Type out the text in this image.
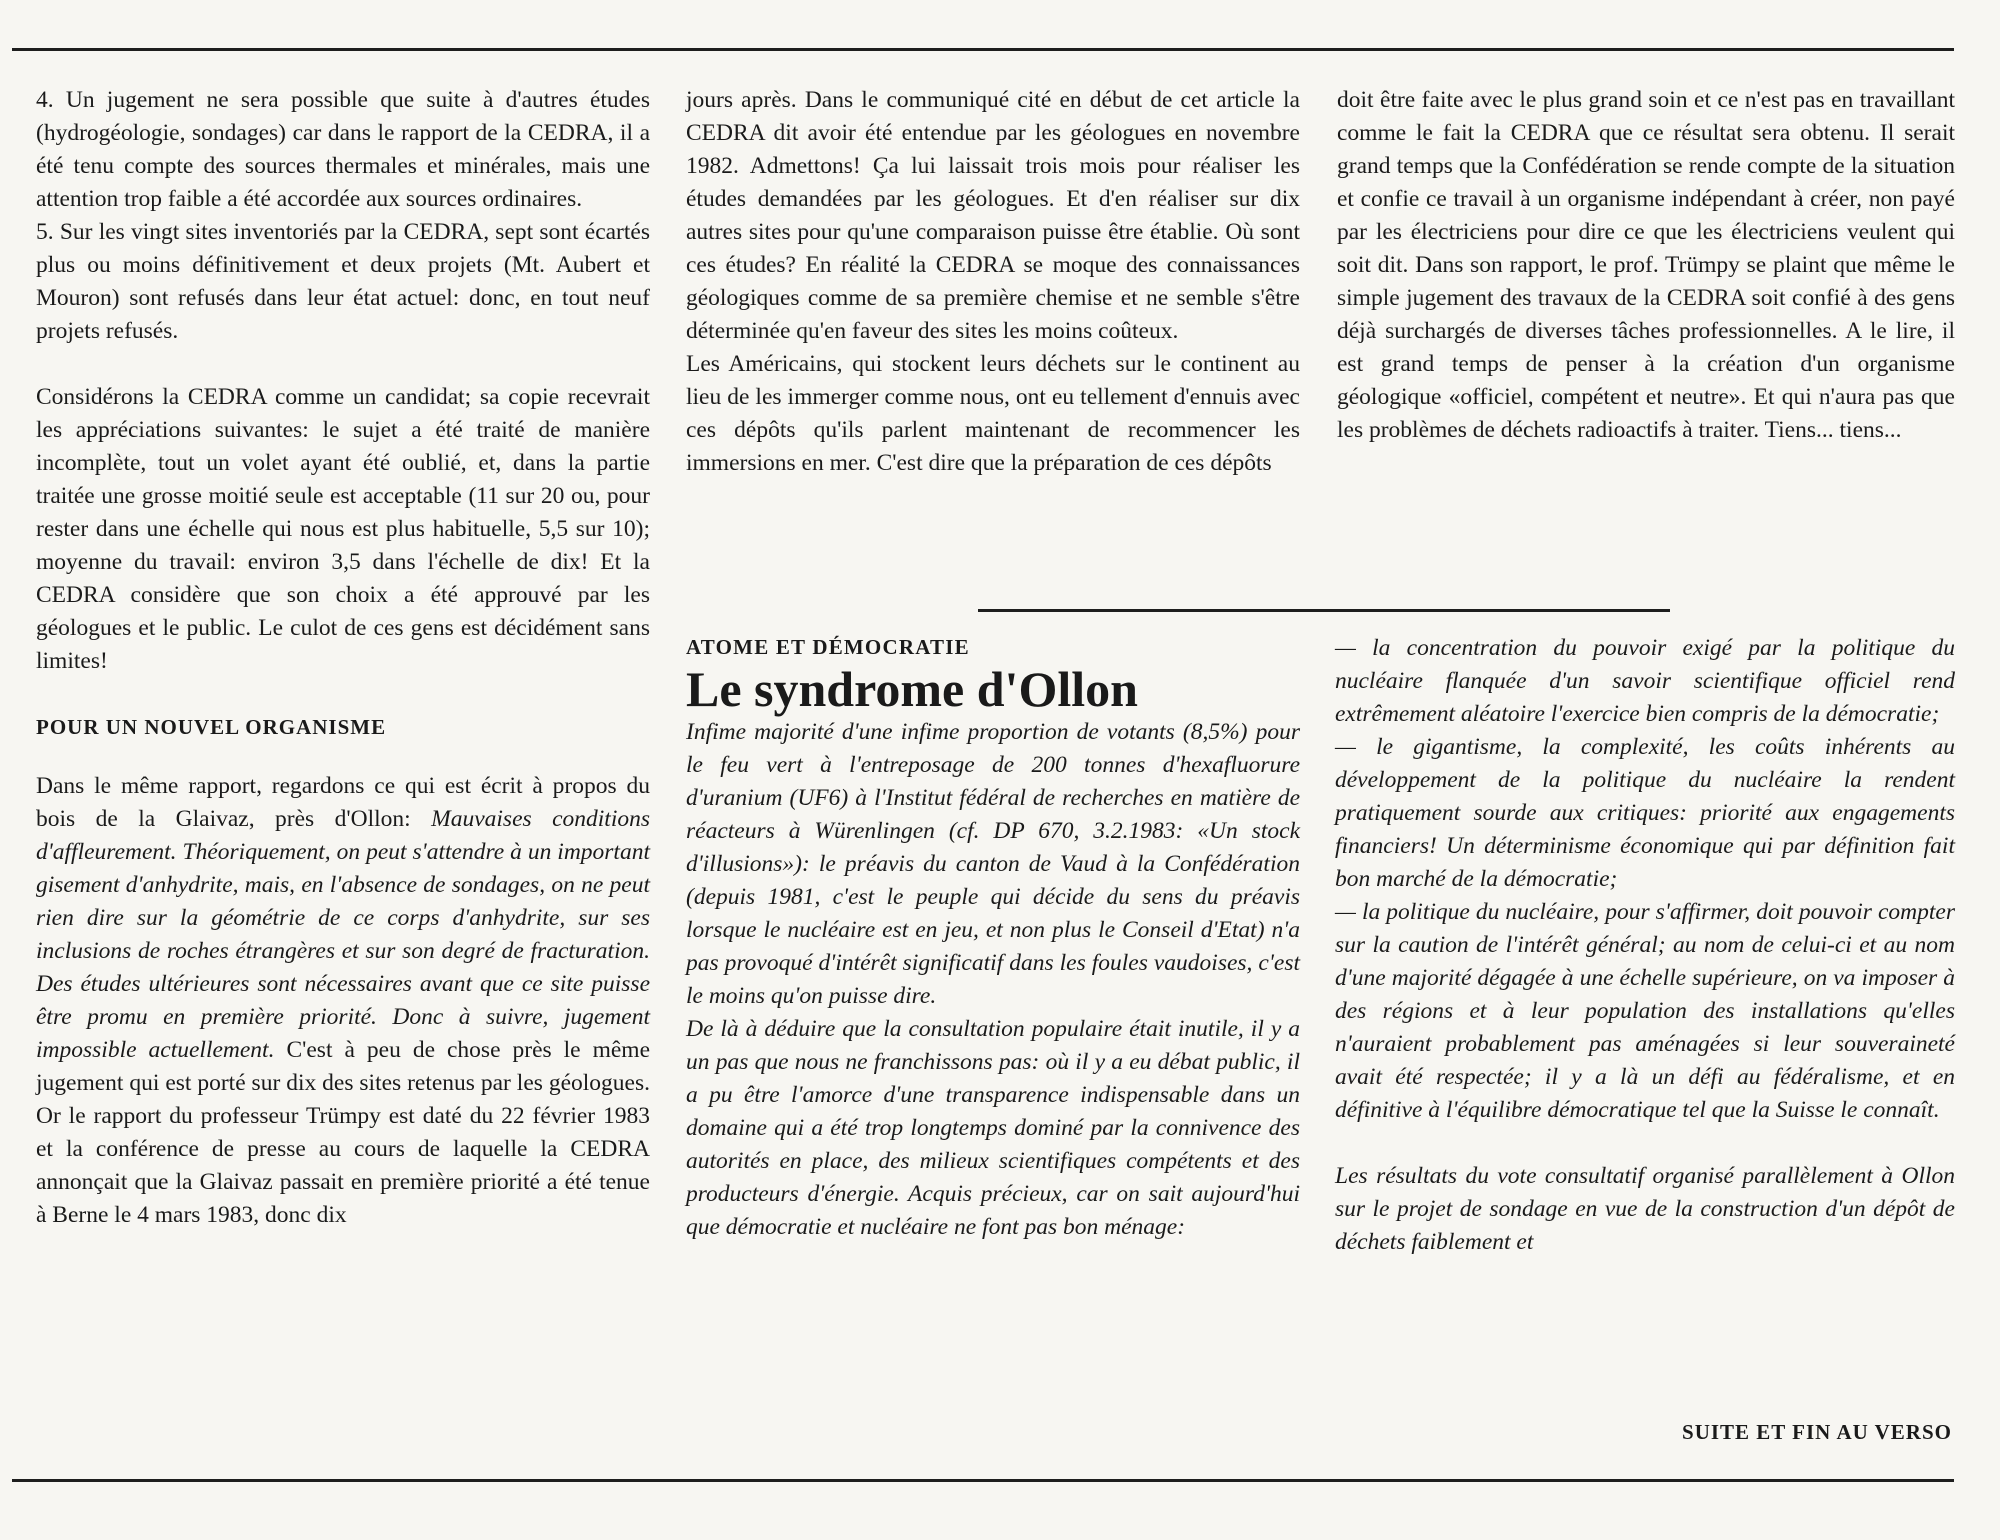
4. Un jugement ne sera possible que suite à d'autres études (hydrogéologie, sondages) car dans le rapport de la CEDRA, il a été tenu compte des sources thermales et minérales, mais une attention trop faible a été accordée aux sources ordinaires.

5. Sur les vingt sites inventoriés par la CEDRA, sept sont écartés plus ou moins définitivement et deux projets (Mt. Aubert et Mouron) sont refusés dans leur état actuel: donc, en tout neuf projets refusés.

Considérons la CEDRA comme un candidat; sa copie recevrait les appréciations suivantes: le sujet a été traité de manière incomplète, tout un volet ayant été oublié, et, dans la partie traitée une grosse moitié seule est acceptable (11 sur 20 ou, pour rester dans une échelle qui nous est plus habituelle, 5,5 sur 10); moyenne du travail: environ 3,5 dans l'échelle de dix! Et la CEDRA considère que son choix a été approuvé par les géologues et le public. Le culot de ces gens est décidément sans limites!

POUR UN NOUVEL ORGANISME

Dans le même rapport, regardons ce qui est écrit à propos du bois de la Glaivaz, près d'Ollon: Mauvaises conditions d'affleurement. Théoriquement, on peut s'attendre à un important gisement d'anhydrite, mais, en l'absence de sondages, on ne peut rien dire sur la géométrie de ce corps d'anhydrite, sur ses inclusions de roches étrangères et sur son degré de fracturation. Des études ultérieures sont nécessaires avant que ce site puisse être promu en première priorité. Donc à suivre, jugement impossible actuellement. C'est à peu de chose près le même jugement qui est porté sur dix des sites retenus par les géologues. Or le rapport du professeur Trümpy est daté du 22 février 1983 et la conférence de presse au cours de laquelle la CEDRA annonçait que la Glaivaz passait en première priorité a été tenue à Berne le 4 mars 1983, donc dix

jours après. Dans le communiqué cité en début de cet article la CEDRA dit avoir été entendue par les géologues en novembre 1982. Admettons! Ça lui laissait trois mois pour réaliser les études demandées par les géologues. Et d'en réaliser sur dix autres sites pour qu'une comparaison puisse être établie. Où sont ces études? En réalité la CEDRA se moque des connaissances géologiques comme de sa première chemise et ne semble s'être déterminée qu'en faveur des sites les moins coûteux.

Les Américains, qui stockent leurs déchets sur le continent au lieu de les immerger comme nous, ont eu tellement d'ennuis avec ces dépôts qu'ils parlent maintenant de recommencer les immersions en mer. C'est dire que la préparation de ces dépôts

doit être faite avec le plus grand soin et ce n'est pas en travaillant comme le fait la CEDRA que ce résultat sera obtenu. Il serait grand temps que la Confédération se rende compte de la situation et confie ce travail à un organisme indépendant à créer, non payé par les électriciens pour dire ce que les électriciens veulent qui soit dit. Dans son rapport, le prof. Trümpy se plaint que même le simple jugement des travaux de la CEDRA soit confié à des gens déjà surchargés de diverses tâches professionnelles. A le lire, il est grand temps de penser à la création d'un organisme géologique «officiel, compétent et neutre». Et qui n'aura pas que les problèmes de déchets radioactifs à traiter. Tiens... tiens...

ATOME ET DÉMOCRATIE

Le syndrome d'Ollon

Infime majorité d'une infime proportion de votants (8,5%) pour le feu vert à l'entreposage de 200 tonnes d'hexafluorure d'uranium (UF6) à l'Institut fédéral de recherches en matière de réacteurs à Würenlingen (cf. DP 670, 3.2.1983: «Un stock d'illusions»): le préavis du canton de Vaud à la Confédération (depuis 1981, c'est le peuple qui décide du sens du préavis lorsque le nucléaire est en jeu, et non plus le Conseil d'Etat) n'a pas provoqué d'intérêt significatif dans les foules vaudoises, c'est le moins qu'on puisse dire.

De là à déduire que la consultation populaire était inutile, il y a un pas que nous ne franchissons pas: où il y a eu débat public, il a pu être l'amorce d'une transparence indispensable dans un domaine qui a été trop longtemps dominé par la connivence des autorités en place, des milieux scientifiques compétents et des producteurs d'énergie. Acquis précieux, car on sait aujourd'hui que démocratie et nucléaire ne font pas bon ménage:

— la concentration du pouvoir exigé par la politique du nucléaire flanquée d'un savoir scientifique officiel rend extrêmement aléatoire l'exercice bien compris de la démocratie;

— le gigantisme, la complexité, les coûts inhérents au développement de la politique du nucléaire la rendent pratiquement sourde aux critiques: priorité aux engagements financiers! Un déterminisme économique qui par définition fait bon marché de la démocratie;

— la politique du nucléaire, pour s'affirmer, doit pouvoir compter sur la caution de l'intérêt général; au nom de celui-ci et au nom d'une majorité dégagée à une échelle supérieure, on va imposer à des régions et à leur population des installations qu'elles n'auraient probablement pas aménagées si leur souveraineté avait été respectée; il y a là un défi au fédéralisme, et en définitive à l'équilibre démocratique tel que la Suisse le connaît.

Les résultats du vote consultatif organisé parallèlement à Ollon sur le projet de sondage en vue de la construction d'un dépôt de déchets faiblement et

SUITE ET FIN AU VERSO
